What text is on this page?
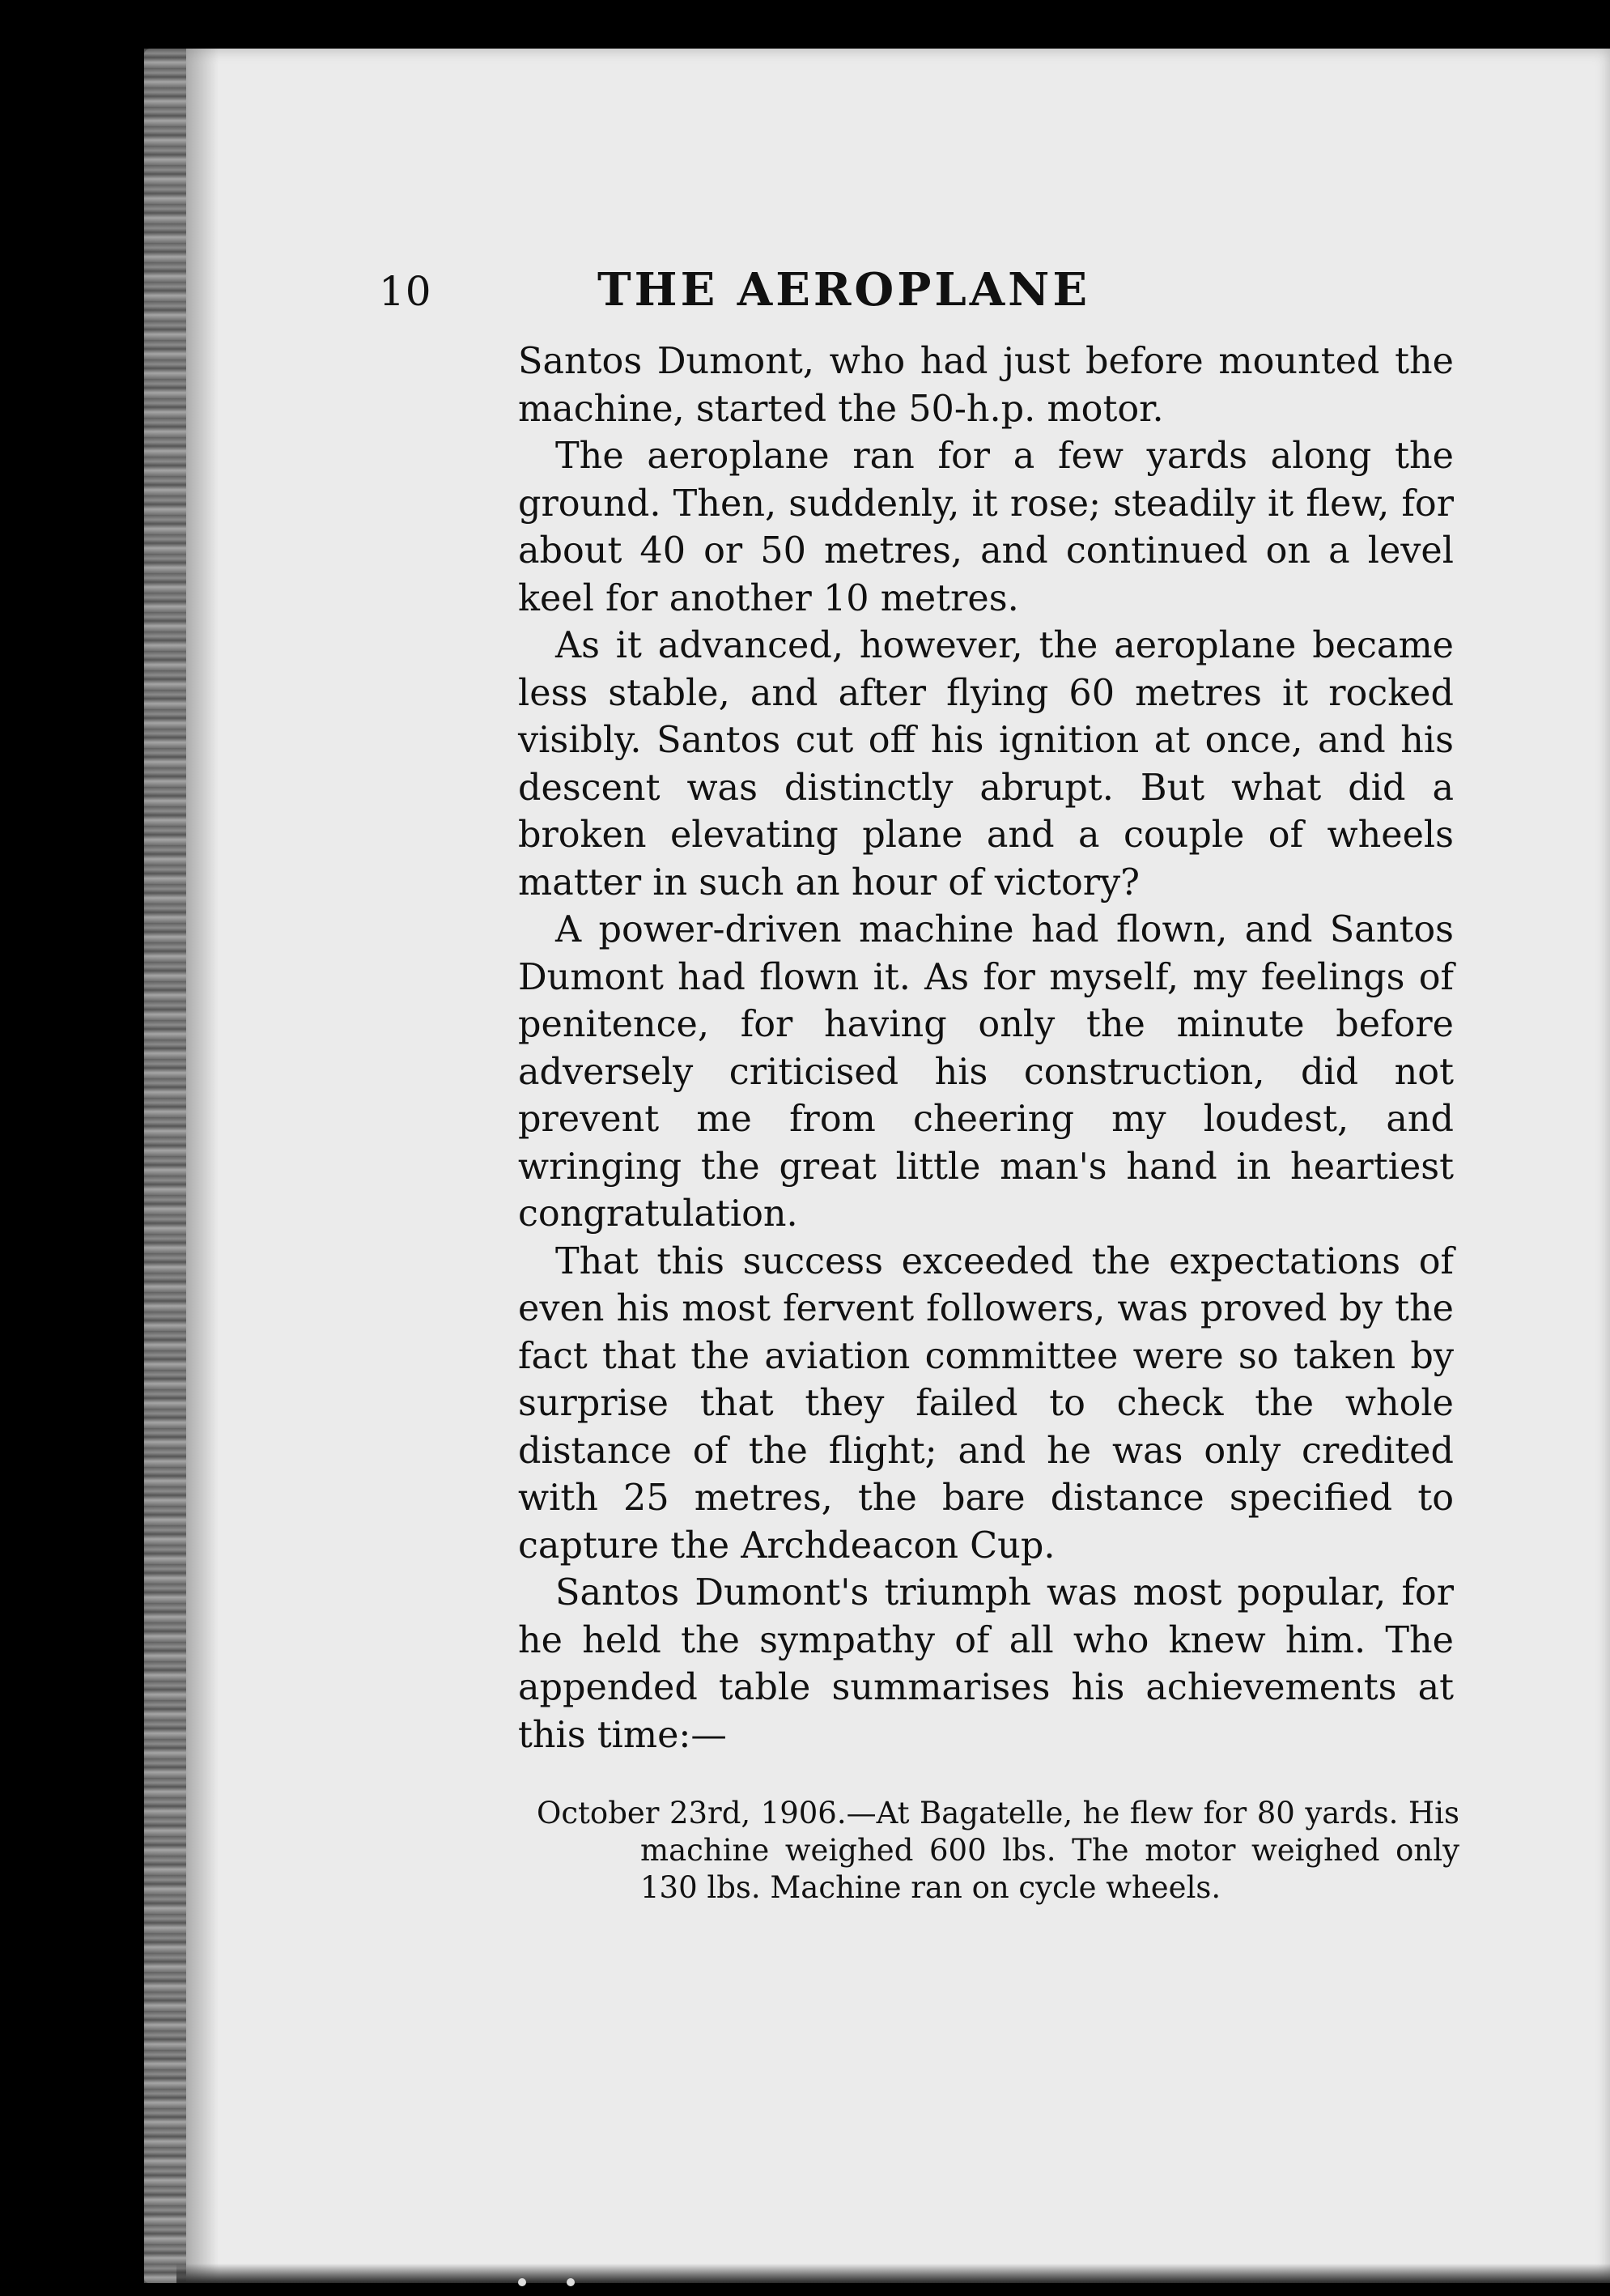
10	THE AEROPLANE

Santos Dumont, who had just before mounted the machine, started the 50-h.p. motor.

The aeroplane ran for a few yards along the ground. Then, suddenly, it rose; steadily it flew, for about 40 or 50 metres, and continued on a level keel for another 10 metres.

As it advanced, however, the aeroplane became less stable, and after flying 60 metres it rocked visibly. Santos cut off his ignition at once, and his descent was distinctly abrupt. But what did a broken elevating plane and a couple of wheels matter in such an hour of victory?

A power-driven machine had flown, and Santos Dumont had flown it. As for myself, my feelings of penitence, for having only the minute before adversely criticised his construction, did not prevent me from cheering my loudest, and wringing the great little man's hand in heartiest congratulation.

That this success exceeded the expectations of even his most fervent followers, was proved by the fact that the aviation committee were so taken by surprise that they failed to check the whole distance of the flight; and he was only credited with 25 metres, the bare distance specified to capture the Archdeacon Cup.

Santos Dumont's triumph was most popular, for he held the sympathy of all who knew him. The appended table summarises his achievements at this time:—

October 23rd, 1906.—At Bagatelle, he flew for 80 yards. His machine weighed 600 lbs. The motor weighed only 130 lbs. Machine ran on cycle wheels.
